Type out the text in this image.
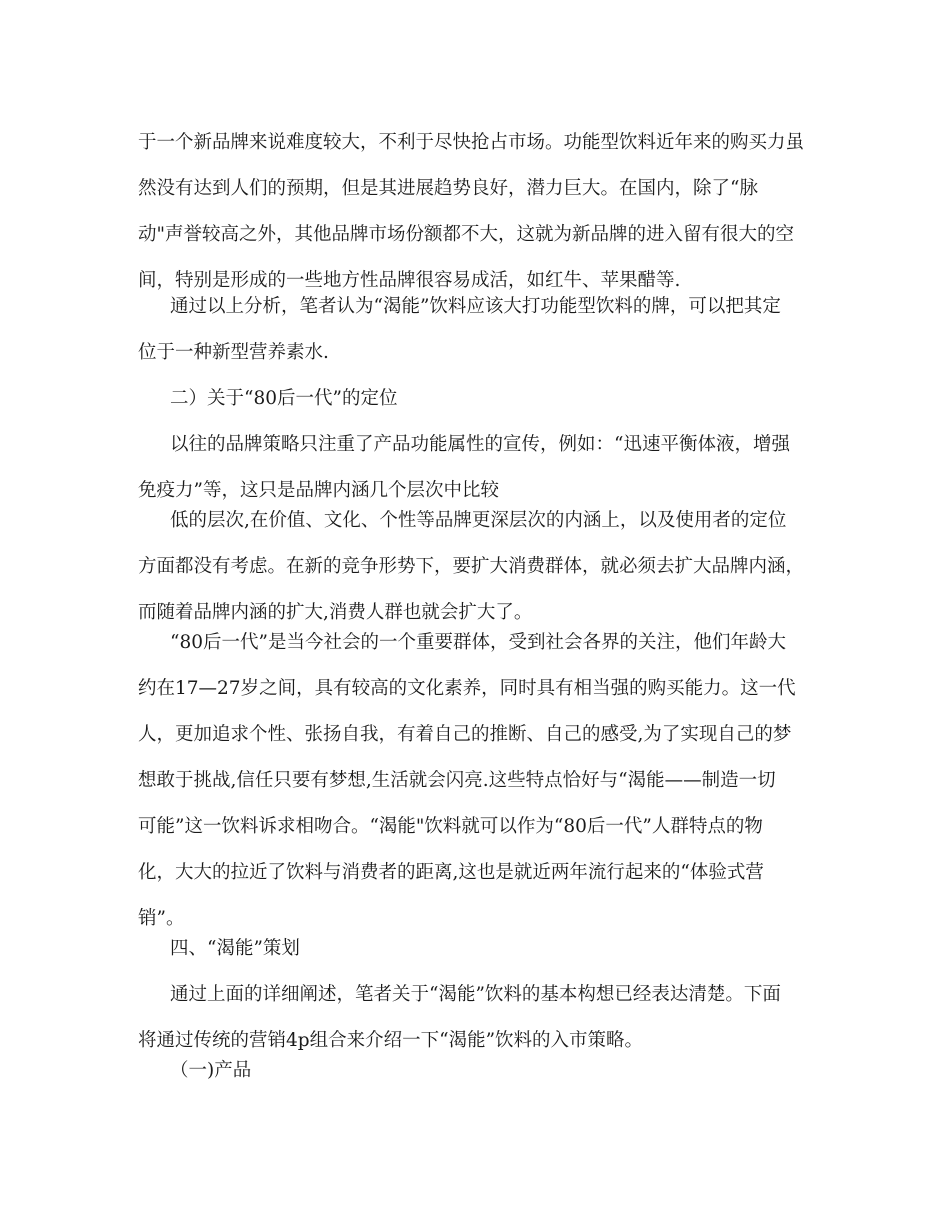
于一个新品牌来说难度较大，不利于尽快抢占市场。功能型饮料近年来的购买力虽
然没有达到人们的预期，但是其进展趋势良好，潜力巨大。在国内，除了“脉
动"声誉较高之外，其他品牌市场份额都不大，这就为新品牌的进入留有很大的空
间，特别是形成的一些地方性品牌很容易成活，如红牛、苹果醋等.
通过以上分析，笔者认为“渴能”饮料应该大打功能型饮料的牌，可以把其定
位于一种新型营养素水.
二）关于“80后一代”的定位
以往的品牌策略只注重了产品功能属性的宣传，例如：“迅速平衡体液，增强
免疫力”等，这只是品牌内涵几个层次中比较
低的层次,在价值、文化、个性等品牌更深层次的内涵上，以及使用者的定位
方面都没有考虑。在新的竞争形势下，要扩大消费群体，就必须去扩大品牌内涵，
而随着品牌内涵的扩大,消费人群也就会扩大了。
“80后一代”是当今社会的一个重要群体，受到社会各界的关注，他们年龄大
约在17—27岁之间，具有较高的文化素养，同时具有相当强的购买能力。这一代
人，更加追求个性、张扬自我，有着自己的推断、自己的感受,为了实现自己的梦
想敢于挑战,信任只要有梦想,生活就会闪亮.这些特点恰好与“渴能——制造一切
可能”这一饮料诉求相吻合。“渴能"饮料就可以作为“80后一代”人群特点的物
化，大大的拉近了饮料与消费者的距离,这也是就近两年流行起来的“体验式营
销”。
四、“渴能”策划
通过上面的详细阐述，笔者关于“渴能”饮料的基本构想已经表达清楚。下面
将通过传统的营销4p组合来介绍一下“渴能”饮料的入市策略。
（一)产品
